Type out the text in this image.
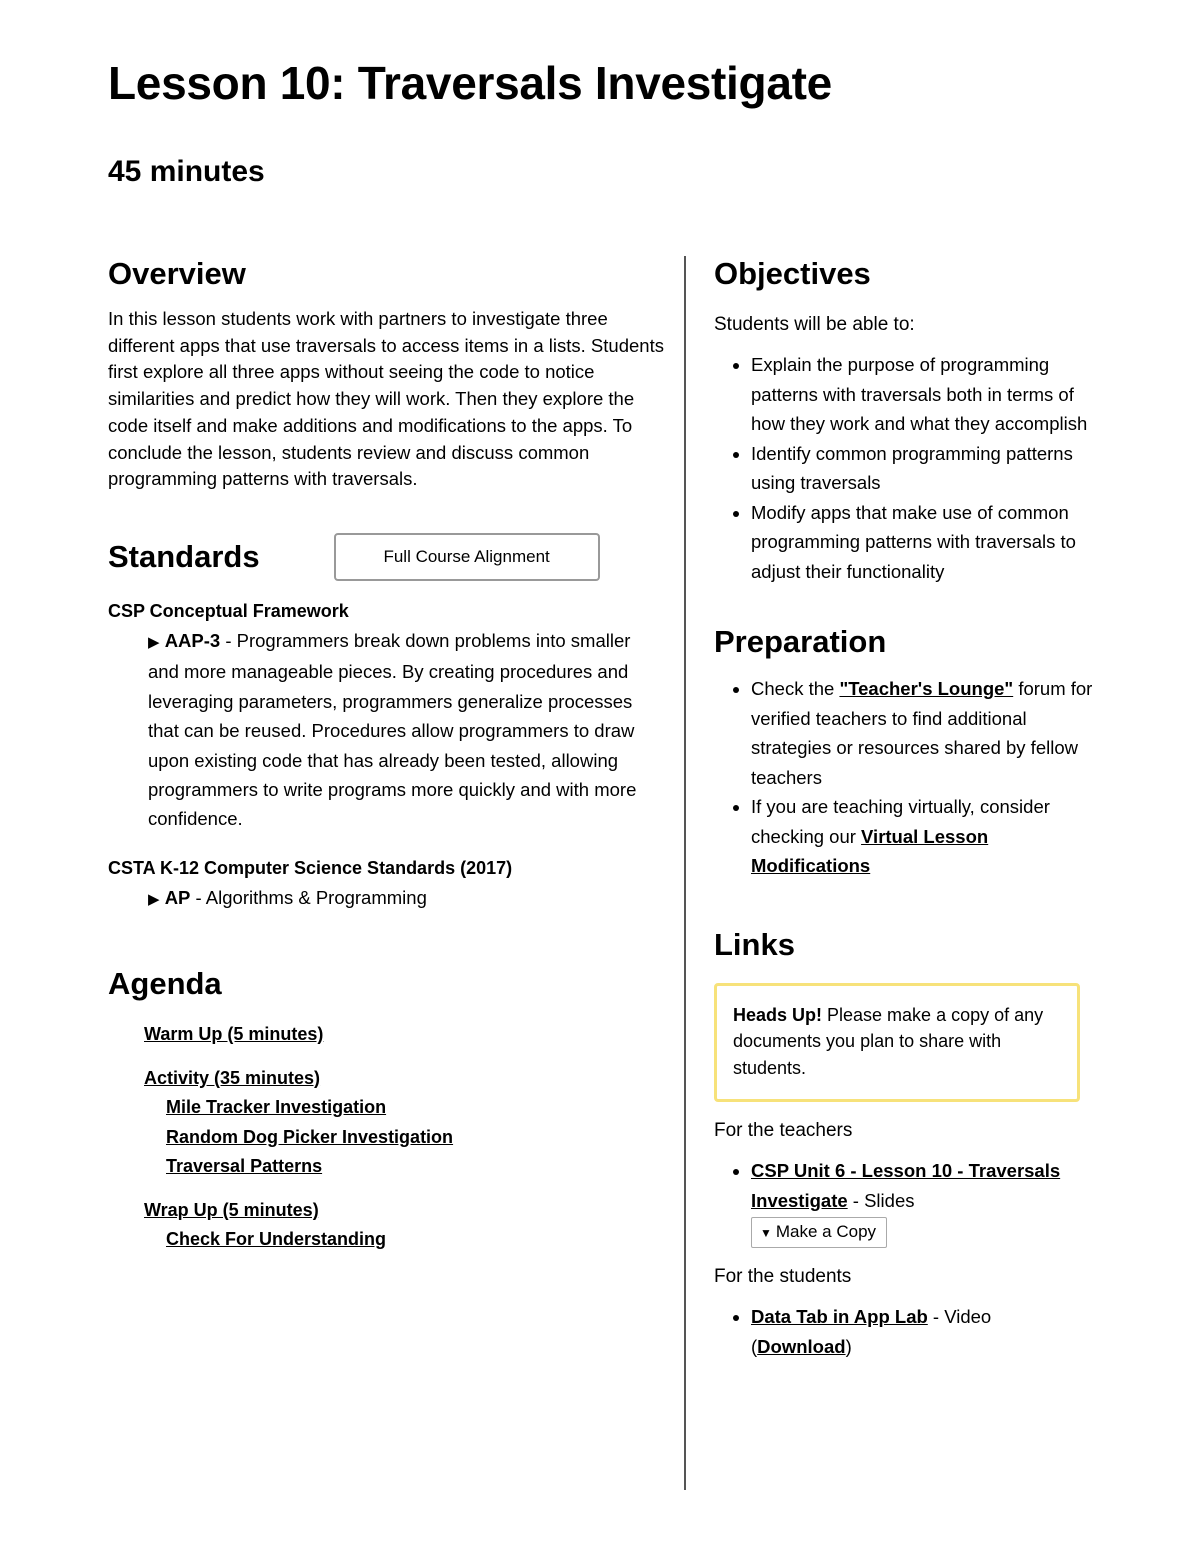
Lesson 10: Traversals Investigate
45 minutes
Overview

In this lesson students work with partners to investigate three different apps that use traversals to access items in a lists. Students first explore all three apps without seeing the code to notice similarities and predict how they will work. Then they explore the code itself and make additions and modifications to the apps. To conclude the lesson, students review and discuss common programming patterns with traversals.

Standards	Full Course Alignment
CSP Conceptual Framework
▶ AAP-3 - Programmers break down problems into smaller and more manageable pieces. By creating procedures and leveraging parameters, programmers generalize processes that can be reused. Procedures allow programmers to draw upon existing code that has already been tested, allowing programmers to write programs more quickly and with more confidence.
CSTA K-12 Computer Science Standards (2017)
▶ AP - Algorithms & Programming
Agenda
Warm Up (5 minutes)
Activity (35 minutes)
Mile Tracker Investigation
Random Dog Picker Investigation
Traversal Patterns
Wrap Up (5 minutes)
Check For Understanding
Objectives
Students will be able to:
• Explain the purpose of programming patterns with traversals both in terms of how they work and what they accomplish
• Identify common programming patterns using traversals
• Modify apps that make use of common programming patterns with traversals to adjust their functionality
Preparation
• Check the "Teacher's Lounge" forum for verified teachers to find additional strategies or resources shared by fellow teachers
• If you are teaching virtually, consider checking our Virtual Lesson Modifications
Links
Heads Up! Please make a copy of any documents you plan to share with students.
For the teachers
• CSP Unit 6 - Lesson 10 - Traversals Investigate - Slides
▼ Make a Copy
For the students
• Data Tab in App Lab - Video
(Download)
